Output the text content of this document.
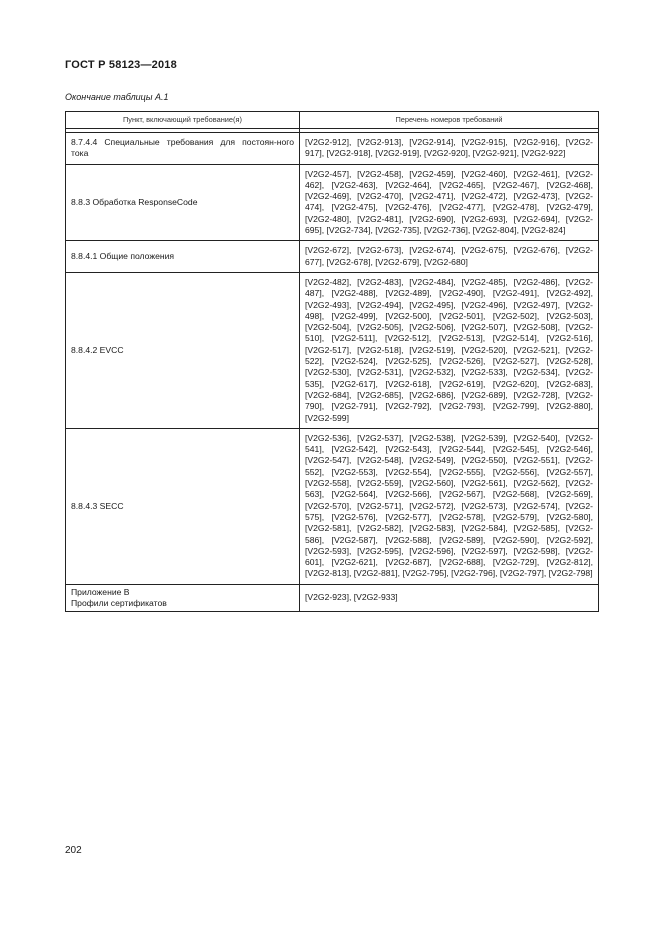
ГОСТ Р 58123—2018
Окончание таблицы А.1
Пункт, включающий требование(я)	Перечень номеров требований

8.7.4.4 Специальные требования для постоян-ного тока	[V2G2-912], [V2G2-913], [V2G2-914], [V2G2-915], [V2G2-916], [V2G2-917], [V2G2-918], [V2G2-919], [V2G2-920], [V2G2-921], [V2G2-922]
8.8.3 Обработка ResponseCode	[V2G2-457], [V2G2-458], [V2G2-459], [V2G2-460], [V2G2-461], [V2G2-462], [V2G2-463], [V2G2-464], [V2G2-465], [V2G2-467], [V2G2-468], [V2G2-469], [V2G2-470], [V2G2-471], [V2G2-472], [V2G2-473], [V2G2-474], [V2G2-475], [V2G2-476], [V2G2-477], [V2G2-478], [V2G2-479], [V2G2-480], [V2G2-481], [V2G2-690], [V2G2-693], [V2G2-694], [V2G2-695], [V2G2-734], [V2G2-735], [V2G2-736], [V2G2-804], [V2G2-824]
8.8.4.1 Общие положения	[V2G2-672], [V2G2-673], [V2G2-674], [V2G2-675], [V2G2-676], [V2G2-677], [V2G2-678], [V2G2-679], [V2G2-680]
8.8.4.2 EVCC	[V2G2-482], [V2G2-483], [V2G2-484], [V2G2-485], [V2G2-486], [V2G2-487], [V2G2-488], [V2G2-489], [V2G2-490], [V2G2-491], [V2G2-492], [V2G2-493], [V2G2-494], [V2G2-495], [V2G2-496], [V2G2-497], [V2G2-498], [V2G2-499], [V2G2-500], [V2G2-501], [V2G2-502], [V2G2-503], [V2G2-504], [V2G2-505], [V2G2-506], [V2G2-507], [V2G2-508], [V2G2-510], [V2G2-511], [V2G2-512], [V2G2-513], [V2G2-514], [V2G2-516], [V2G2-517], [V2G2-518], [V2G2-519], [V2G2-520], [V2G2-521], [V2G2-522], [V2G2-524], [V2G2-525], [V2G2-526], [V2G2-527], [V2G2-528], [V2G2-530], [V2G2-531], [V2G2-532], [V2G2-533], [V2G2-534], [V2G2-535], [V2G2-617], [V2G2-618], [V2G2-619], [V2G2-620], [V2G2-683], [V2G2-684], [V2G2-685], [V2G2-686], [V2G2-689], [V2G2-728], [V2G2-790], [V2G2-791], [V2G2-792], [V2G2-793], [V2G2-799], [V2G2-880], [V2G2-599]
8.8.4.3 SECC	[V2G2-536], [V2G2-537], [V2G2-538], [V2G2-539], [V2G2-540], [V2G2-541], [V2G2-542], [V2G2-543], [V2G2-544], [V2G2-545], [V2G2-546], [V2G2-547], [V2G2-548], [V2G2-549], [V2G2-550], [V2G2-551], [V2G2-552], [V2G2-553], [V2G2-554], [V2G2-555], [V2G2-556], [V2G2-557], [V2G2-558], [V2G2-559], [V2G2-560], [V2G2-561], [V2G2-562], [V2G2-563], [V2G2-564], [V2G2-566], [V2G2-567], [V2G2-568], [V2G2-569], [V2G2-570], [V2G2-571], [V2G2-572], [V2G2-573], [V2G2-574], [V2G2-575], [V2G2-576], [V2G2-577], [V2G2-578], [V2G2-579], [V2G2-580], [V2G2-581], [V2G2-582], [V2G2-583], [V2G2-584], [V2G2-585], [V2G2-586], [V2G2-587], [V2G2-588], [V2G2-589], [V2G2-590], [V2G2-592], [V2G2-593], [V2G2-595], [V2G2-596], [V2G2-597], [V2G2-598], [V2G2-601], [V2G2-621], [V2G2-687], [V2G2-688], [V2G2-729], [V2G2-812], [V2G2-813], [V2G2-881], [V2G2-795], [V2G2-796], [V2G2-797], [V2G2-798]

Приложение В
Профили сертификатов	[V2G2-923], [V2G2-933]
202
